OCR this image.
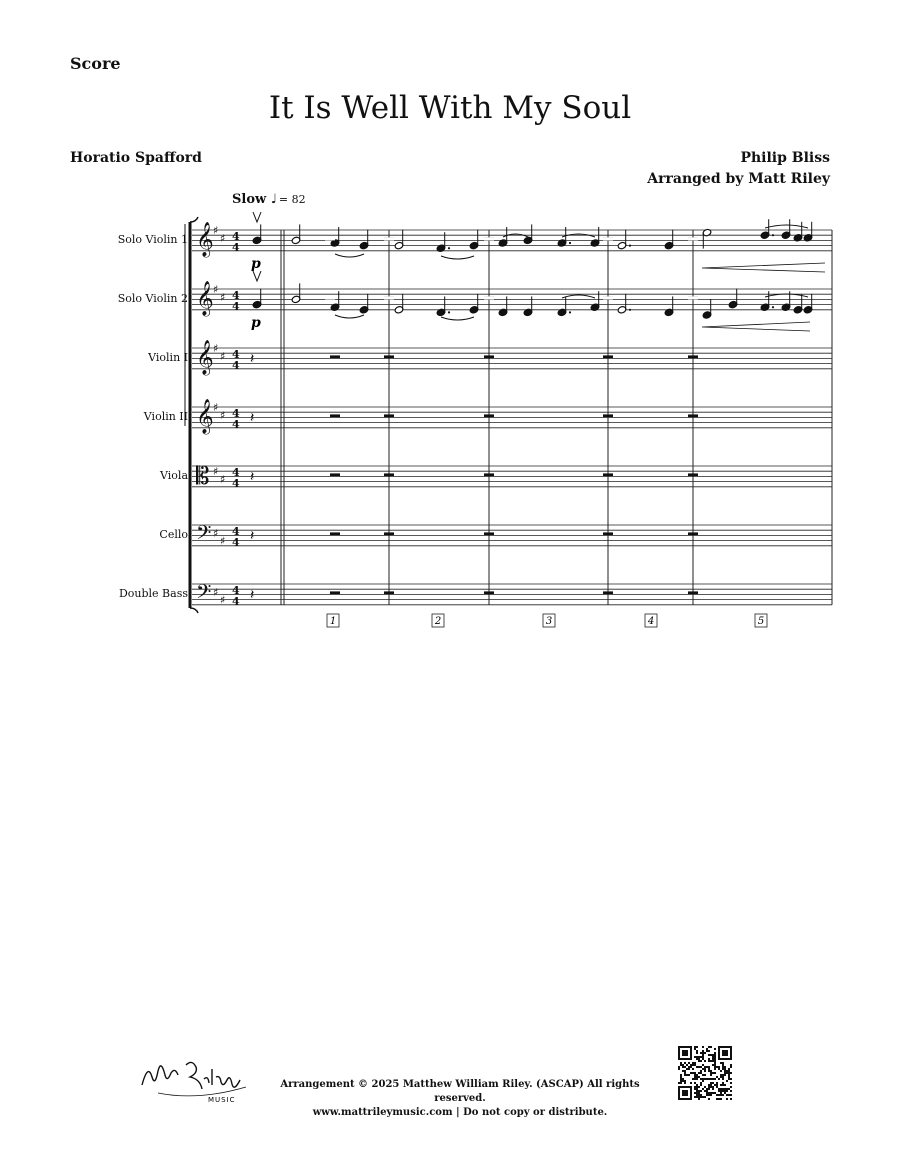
Score
It Is Well With My Soul
Horatio Spafford	Philip Bliss
Arranged by Matt Riley
Slow ♩ = 82
Solo Violin 1
Solo Violin 2
Violin I
Violin II
Viola
Cello
Double Bass
𝄞 ♯
♯ 4
4
𝄞 ♯
♯ 4
4
𝄞 ♯
♯ 4
4
𝄞 ♯
♯ 4
4
𝄡 ♯
♯
4
4
𝄢 ♯
♯
4
4
𝄢 ♯
♯
4
4
𝄽
𝄽
𝄽
𝄽
𝄽
1	2	3	4	5
p
p
MUSIC
Arrangement © 2025 Matthew William Riley. (ASCAP) All rights reserved.
www.mattrileymusic.com | Do not copy or distribute.
